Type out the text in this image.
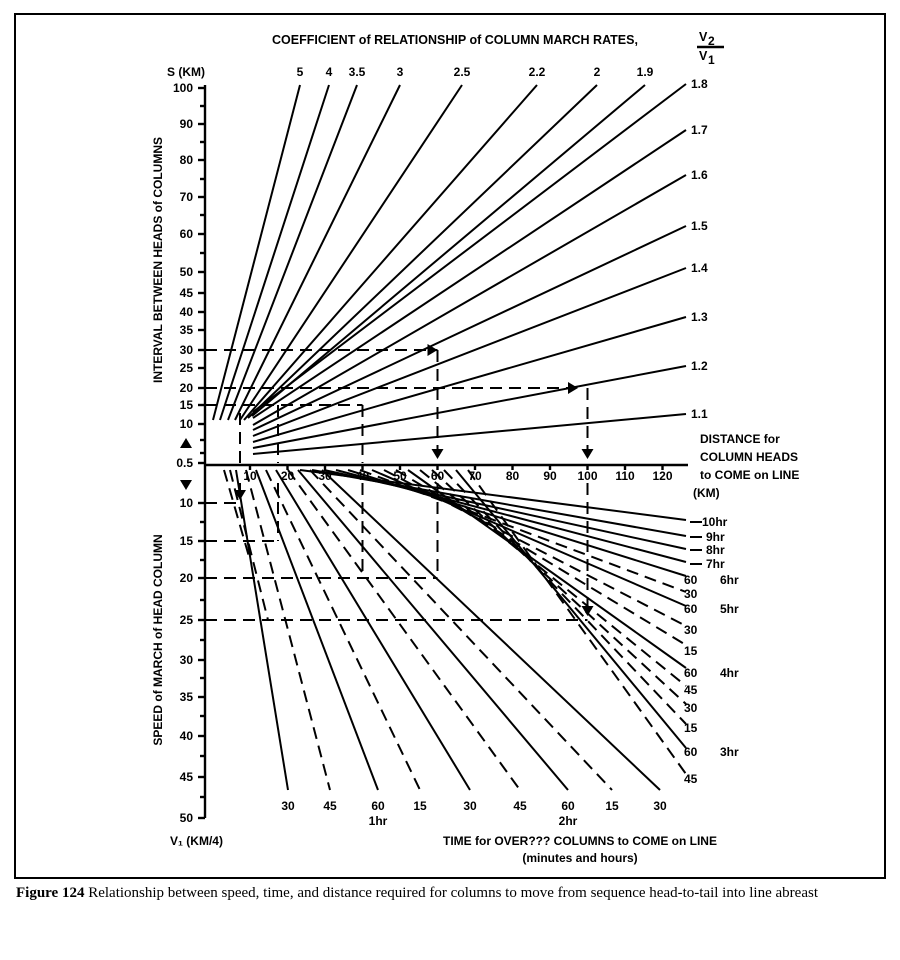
100
90
80
70
60
50
45
40
35
30
25
20
15
10
0.5
10
15
20
25
30
35
40
45
50
10 20 30 40 50 60 70 80 90 100 110 120
5 4 3.5	3	2.5	2.2	2	1.9
1.8
1.7
1.6
1.5
1.4
1.3
1.2
1.1
10hr
9hr
8hr
7hr
60 6hr
30
60 5hr
30
15
60 4hr
45
30
15
60 3hr
45
30 45	60
1hr
15	30	45	60
2hr
15	30
COEFFICIENT of RELATIONSHIP of COLUMN MARCH RATES,	V 2
V 1
S (KM)
INTERVAL BETWEEN HEADS of COLUMNS
SPEED of MARCH of HEAD COLUMN
V₁ (KM/4)
DISTANCE for
COLUMN HEADS
to COME on LINE
(KM)
TIME for OVER??? COLUMNS to COME on LINE
(minutes and hours)
Figure 124 Relationship between speed, time, and distance required for columns to move from sequence head-to-tail into line abreast
